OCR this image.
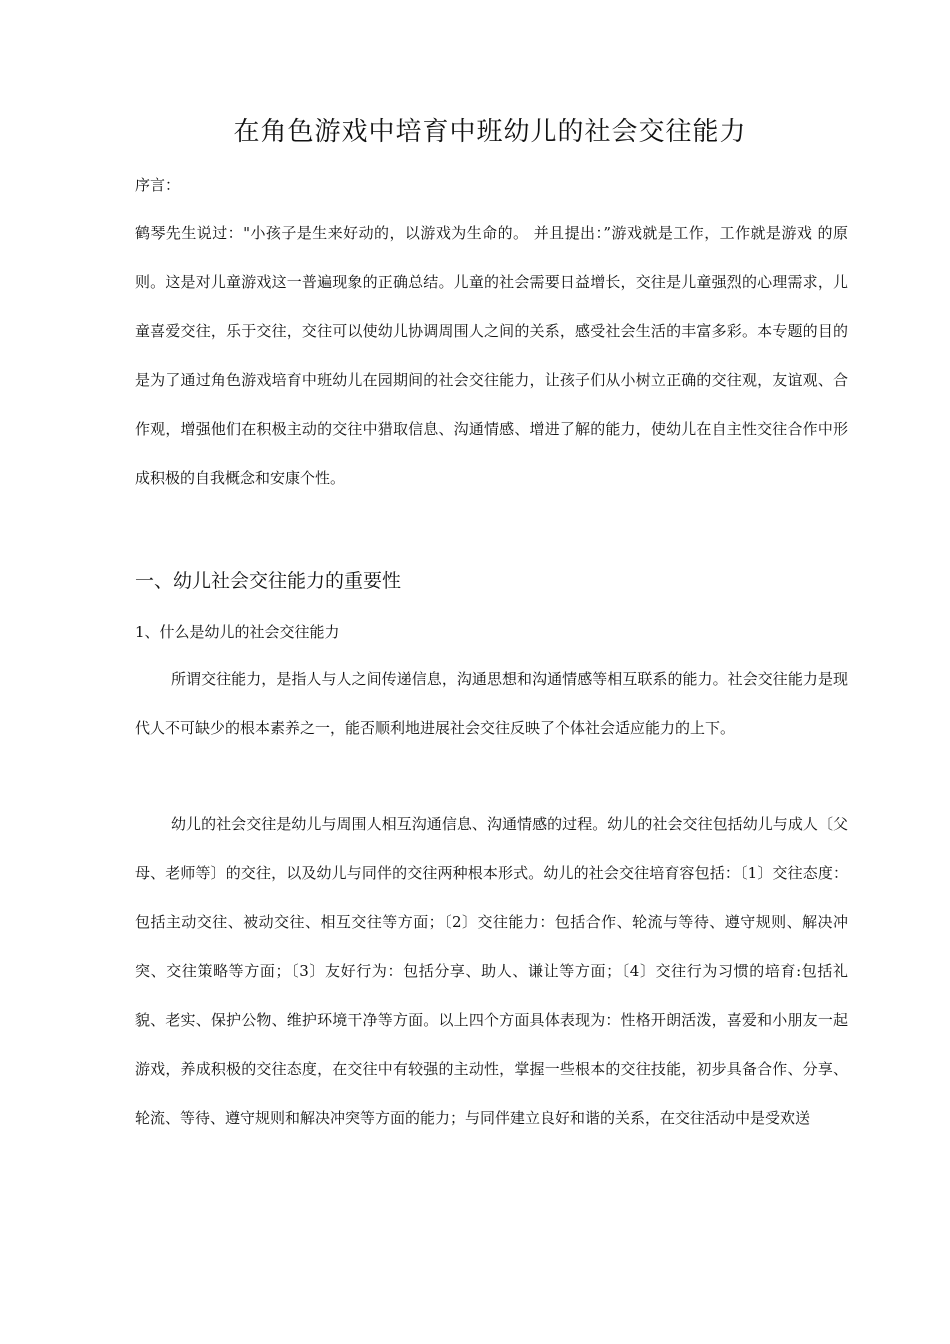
在角色游戏中培育中班幼儿的社会交往能力
序言：

鹤琴先生说过："小孩子是生来好动的，以游戏为生命的。 并且提出：”游戏就是工作，工作就是游戏 的原则。这是对儿童游戏这一普遍现象的正确总结。儿童的社会需要日益增长，交往是儿童强烈的心理需求，儿童喜爱交往，乐于交往，交往可以使幼儿协调周围人之间的关系，感受社会生活的丰富多彩。本专题的目的是为了通过角色游戏培育中班幼儿在园期间的社会交往能力，让孩子们从小树立正确的交往观，友谊观、合作观，增强他们在积极主动的交往中猎取信息、沟通情感、增进了解的能力，使幼儿在自主性交往合作中形成积极的自我概念和安康个性。

一、幼儿社会交往能力的重要性
1、什么是幼儿的社会交往能力

所谓交往能力，是指人与人之间传递信息，沟通思想和沟通情感等相互联系的能力。社会交往能力是现代人不可缺少的根本素养之一，能否顺利地进展社会交往反映了个体社会适应能力的上下。

幼儿的社会交往是幼儿与周围人相互沟通信息、沟通情感的过程。幼儿的社会交往包括幼儿与成人〔父母、老师等〕的交往，以及幼儿与同伴的交往两种根本形式。幼儿的社会交往培育容包括：〔1〕交往态度：包括主动交往、被动交往、相互交往等方面；〔2〕交往能力：包括合作、轮流与等待、遵守规则、解决冲突、交往策略等方面；〔3〕友好行为：包括分享、助人、谦让等方面；〔4〕交往行为习惯的培育:包括礼貌、老实、保护公物、维护环境干净等方面。以上四个方面具体表现为：性格开朗活泼，喜爱和小朋友一起游戏，养成积极的交往态度，在交往中有较强的主动性，掌握一些根本的交往技能，初步具备合作、分享、轮流、等待、遵守规则和解决冲突等方面的能力；与同伴建立良好和谐的关系，在交往活动中是受欢送
